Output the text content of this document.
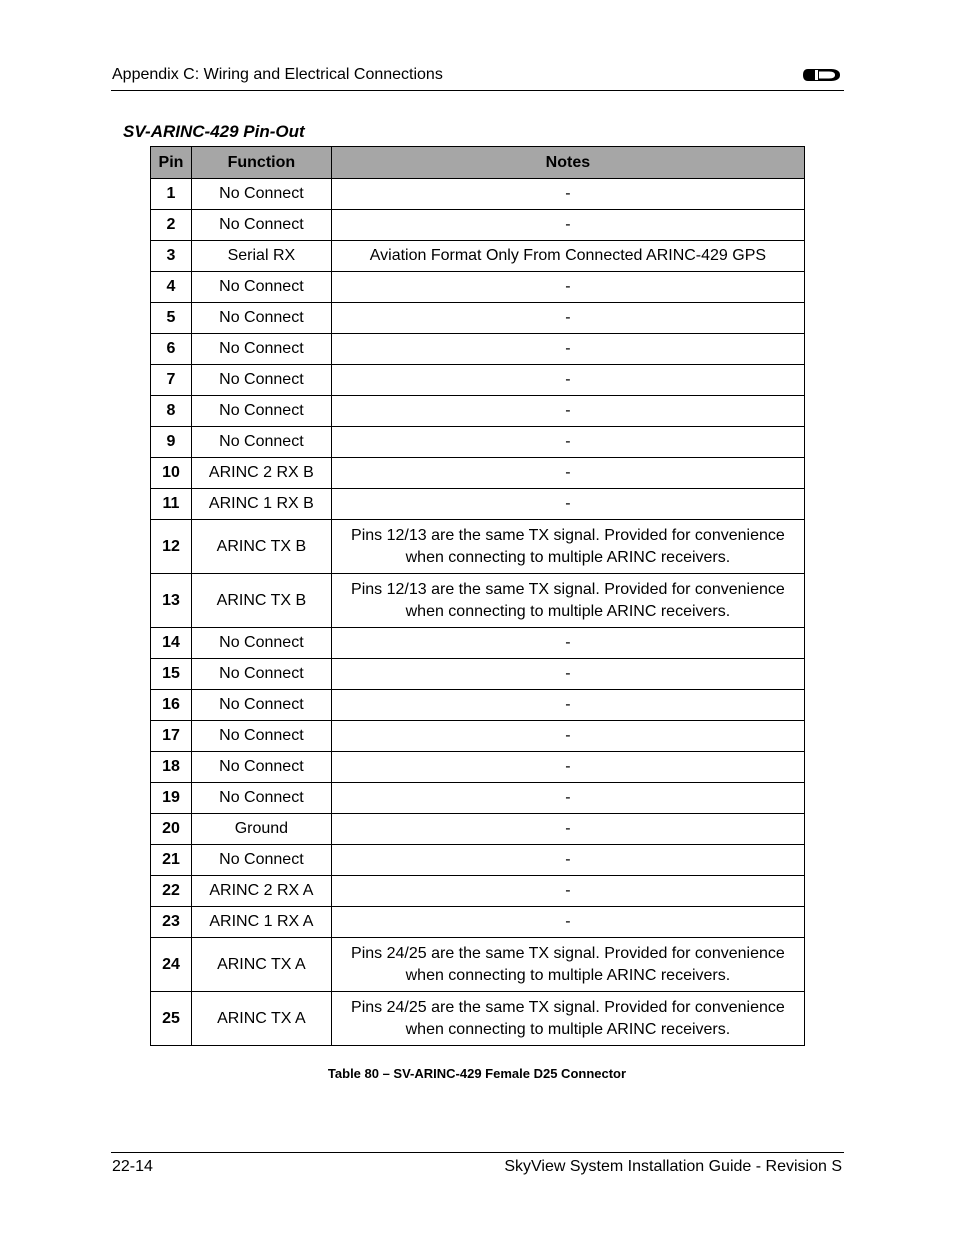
Appendix C: Wiring and Electrical Connections
SV-ARINC-429 Pin-Out
Pin	Function	Notes
1	No Connect	-
2	No Connect	-
3	Serial RX	Aviation Format Only From Connected ARINC-429 GPS
4	No Connect	-
5	No Connect	-
6	No Connect	-
7	No Connect	-
8	No Connect	-
9	No Connect	-
10	ARINC 2 RX B	-
11	ARINC 1 RX B	-
12	ARINC TX B	Pins 12/13 are the same TX signal. Provided for convenience when connecting to multiple ARINC receivers.
13	ARINC TX B	Pins 12/13 are the same TX signal. Provided for convenience when connecting to multiple ARINC receivers.
14	No Connect	-
15	No Connect	-
16	No Connect	-
17	No Connect	-
18	No Connect	-
19	No Connect	-
20	Ground	-
21	No Connect	-
22	ARINC 2 RX A	-
23	ARINC 1 RX A	-
24	ARINC TX A	Pins 24/25 are the same TX signal. Provided for convenience when connecting to multiple ARINC receivers.
25	ARINC TX A	Pins 24/25 are the same TX signal. Provided for convenience when connecting to multiple ARINC receivers.
Table 80 – SV-ARINC-429 Female D25 Connector
22-14	SkyView System Installation Guide - Revision S
